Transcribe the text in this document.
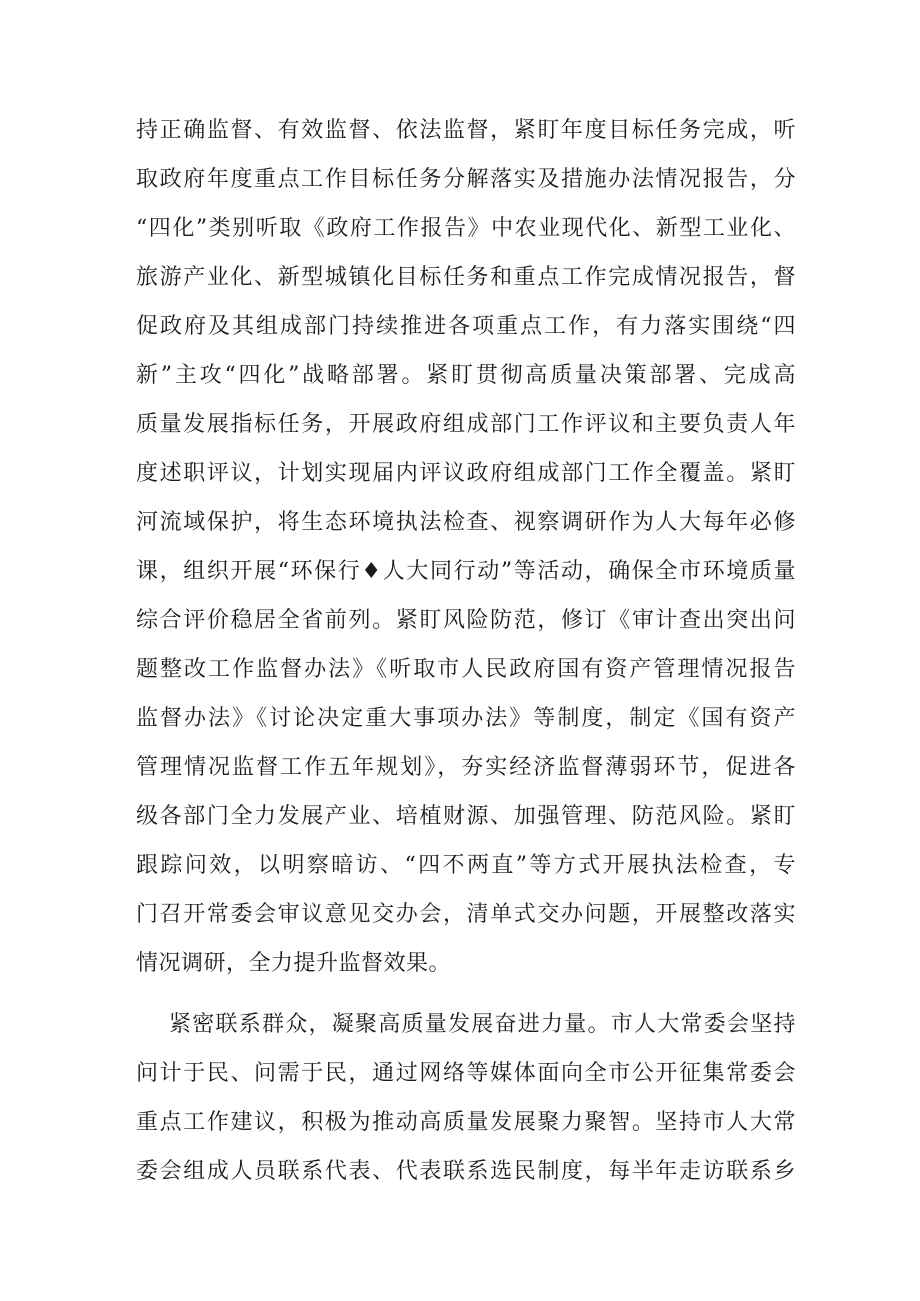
持正确监督、有效监督、依法监督，紧盯年度目标任务完成，听
取政府年度重点工作目标任务分解落实及措施办法情况报告，分
“四化”类别听取《政府工作报告》中农业现代化、新型工业化、
旅游产业化、新型城镇化目标任务和重点工作完成情况报告，督
促政府及其组成部门持续推进各项重点工作，有力落实围绕“四
新”主攻“四化”战略部署。紧盯贯彻高质量决策部署、完成高
质量发展指标任务，开展政府组成部门工作评议和主要负责人年
度述职评议，计划实现届内评议政府组成部门工作全覆盖。紧盯
河流域保护，将生态环境执法检查、视察调研作为人大每年必修
课，组织开展“环保行♦人大同行动”等活动，确保全市环境质量
综合评价稳居全省前列。紧盯风险防范，修订《审计查出突出问
题整改工作监督办法》《听取市人民政府国有资产管理情况报告
监督办法》《讨论决定重大事项办法》等制度，制定《国有资产
管理情况监督工作五年规划》，夯实经济监督薄弱环节，促进各
级各部门全力发展产业、培植财源、加强管理、防范风险。紧盯
跟踪问效，以明察暗访、“四不两直”等方式开展执法检查，专
门召开常委会审议意见交办会，清单式交办问题，开展整改落实
情况调研，全力提升监督效果。
紧密联系群众，凝聚高质量发展奋进力量。市人大常委会坚持
问计于民、问需于民，通过网络等媒体面向全市公开征集常委会
重点工作建议，积极为推动高质量发展聚力聚智。坚持市人大常
委会组成人员联系代表、代表联系选民制度，每半年走访联系乡
